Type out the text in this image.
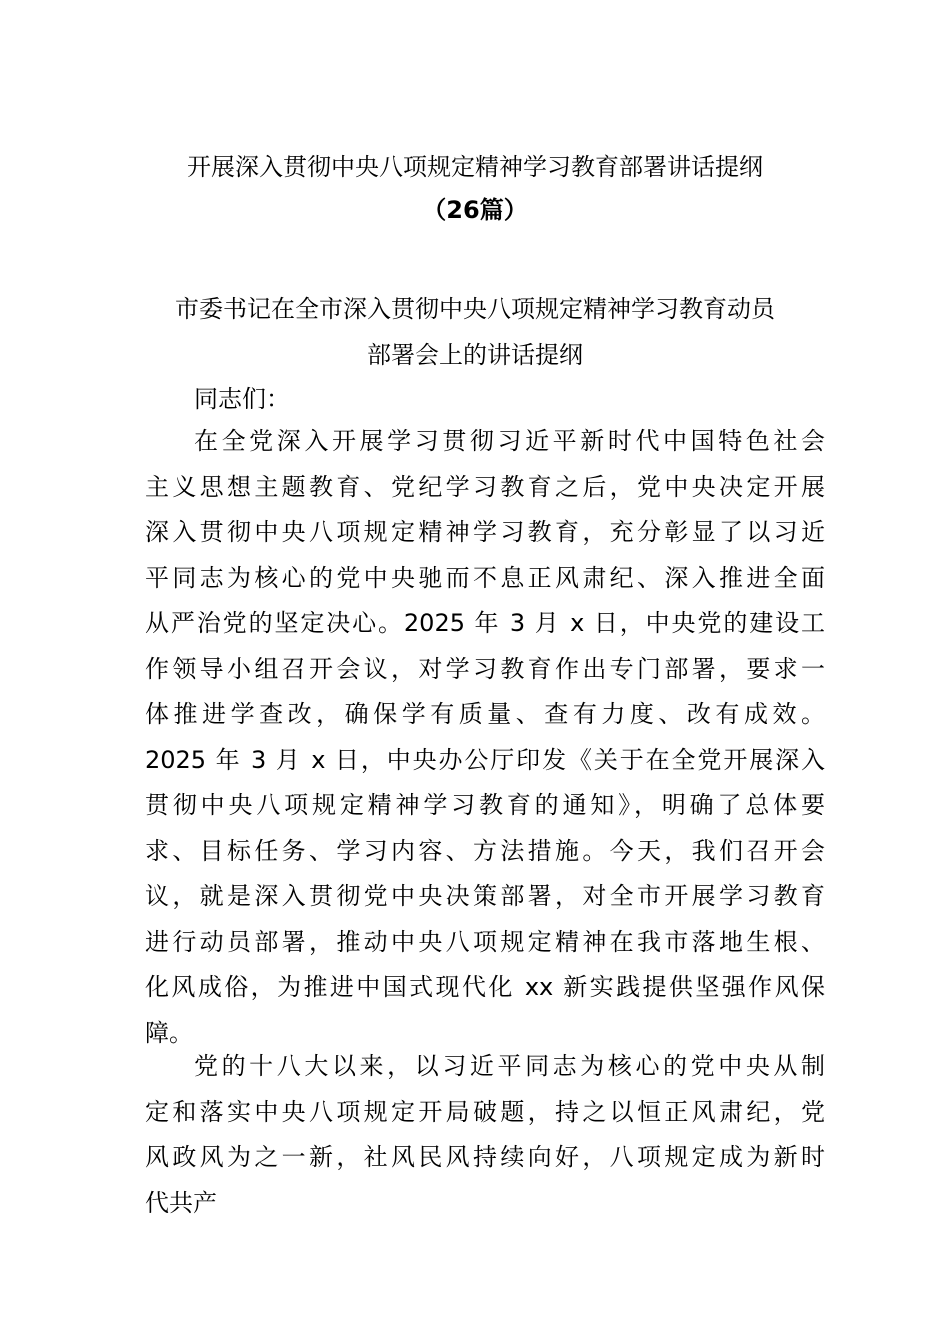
开展深入贯彻中央八项规定精神学习教育部署讲话提纲
（26篇）
市委书记在全市深入贯彻中央八项规定精神学习教育动员
部署会上的讲话提纲
同志们：
在全党深入开展学习贯彻习近平新时代中国特色社会
主义思想主题教育、党纪学习教育之后，党中央决定开展
深入贯彻中央八项规定精神学习教育，充分彰显了以习近
平同志为核心的党中央驰而不息正风肃纪、深入推进全面
从严治党的坚定决心。2025 年 3 月 x 日，中央党的建设工
作领导小组召开会议，对学习教育作出专门部署，要求一
体推进学查改，确保学有质量、查有力度、改有成效。
2025 年 3 月 x 日，中央办公厅印发《关于在全党开展深入
贯彻中央八项规定精神学习教育的通知》，明确了总体要
求、目标任务、学习内容、方法措施。今天，我们召开会
议，就是深入贯彻党中央决策部署，对全市开展学习教育
进行动员部署，推动中央八项规定精神在我市落地生根、
化风成俗，为推进中国式现代化 xx 新实践提供坚强作风保
障。
党的十八大以来，以习近平同志为核心的党中央从制
定和落实中央八项规定开局破题，持之以恒正风肃纪，党
风政风为之一新，社风民风持续向好，八项规定成为新时
代共产
